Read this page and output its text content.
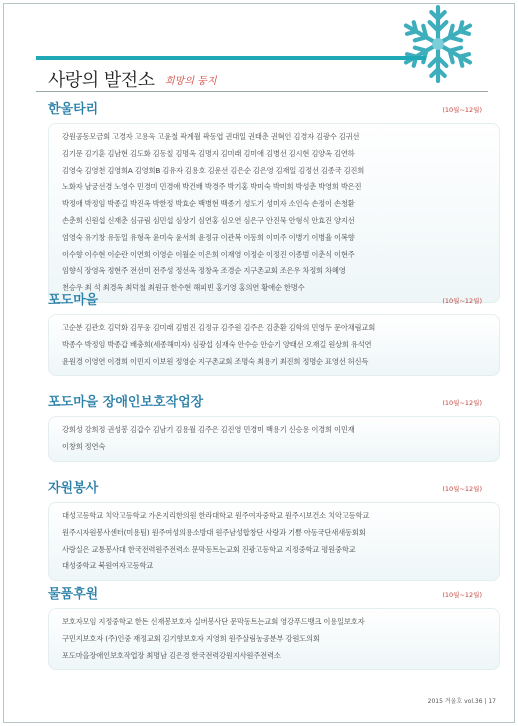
사랑의 발전소 희망의 둥지
한울타리	(10월~12월)
강원공동모금회 고경자 고용욱 고윤철 곽계월 곽동엽 권대일 권태춘 권혁인 김경자 김광수 김귀선
김기문 김기훈 김남현 김도화 김동칠 김명옥 김명지 김미래 김미애 김병선 김시현 김양옥 김연하
김영숙 김영천 김영희A 김영희B 김유자 김용호 김운선 김은순 김은영 김재일 김정선 김종국 김진희
노화자 남궁선경 노영수 민경미 민경애 박건배 박경주 박기홍 박미숙 박미희 박성춘 박영희 박은진
박정애 박정임 박종길 박진옥 박한정 박효순 백병현 백종기 성도기 성미자 소인숙 손정이 손청환
손춘희 신원섭 신재춘 심규림 심민섭 심상기 심연홍 심오연 심은구 안진묵 안형식 안효진 양지선
엄영숙 유기창 유동일 유형옥 윤미숙 윤서희 윤정규 이관복 이동희 이미주 이병기 이병율 이복향
이수향 이수현 이순란 이연희 이영순 이월순 이은희 이재영 이정순 이정진 이종범 이춘식 이현주
임향식 장영옥 정현주 전선미 전주성 정선옥 정창옥 조경순 지구촌교회 조은우 차정희 차혜영
천승우 최 석 최경옥 최덕철 최원규 한수현 해피빈 홍기영 홍의연 황애순 한명수
포도마을	(10월~12월)
고순분 김관호 김덕화 김무웅 김미래 김범진 김정규 김주원 김주은 김춘환 김학의 민영두 문아채림교회
박종수 박정임 박종갑 배충희(세종해미자) 심광섭 심재숙 안수승 안승기 양태선 오재길 원상희 유석연
윤원경 이영연 이경희 이민지 이보원 정영순 지구촌교회 조명숙 최용기 최진희 정명순 표영선 허신득
포도마을 장애인보호작업장	(10월~12월)
강희성 강희정 권성봉 김갑수 김남기 김용월 김주은 김진영 민경미 백용기 신승용 이경희 이민재
이창희 정연숙
자원봉사	(10월~12월)
대성고등학교 치악고등학교 가온지리한의원 한라대학교 원주여자중학교 원주시보건소 치악고등학교
원주시자원봉사센터(미용팀) 원주여성의용소방대 원주남성합창단 사랑과 기쁨 아동국단새새동회회
사랑실은 교통봉사대 한국전력원주전력소 문막동트는교회 진광고등학교 지정중학교 평원중학교
대성중학교 북원여자고등학교
물품후원	(10월~12월)
보호자모임 지정중학교 한돈 신재봉보호자 실버봉사단 문막동트는교회 영강푸드뱅크 이용일보호자
구민지보호자 (주)인중 재정교회 김기향보호자 지영희 원주살림농공분부 강원도의회
포도마을장애인보호작업장 최명남 김은경 한국전력강원지사원주전력소
2015 겨울호 vol.36 | 17
